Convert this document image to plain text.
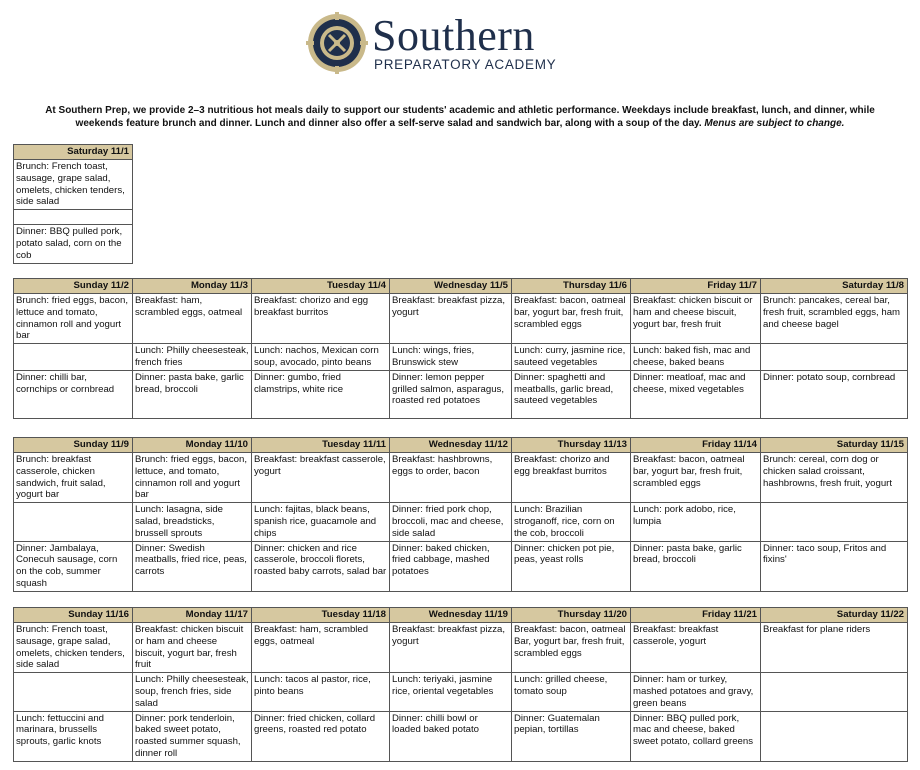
Southern
PREPARATORY ACADEMY
At Southern Prep, we provide 2–3 nutritious hot meals daily to support our students' academic and athletic performance. Weekdays include breakfast, lunch, and dinner, while weekends feature brunch and dinner. Lunch and dinner also offer a self-serve salad and sandwich bar, along with a soup of the day. Menus are subject to change.
Saturday 11/1
Brunch: French toast, sausage, grape salad, omelets, chicken tenders, side salad

Dinner: BBQ pulled pork, potato salad, corn on the cob
Sunday 11/2	Monday 11/3	Tuesday 11/4	Wednesday 11/5	Thursday 11/6	Friday 11/7	Saturday 11/8
Brunch: fried eggs, bacon, lettuce and tomato, cinnamon roll and yogurt bar	Breakfast: ham, scrambled eggs, oatmeal	Breakfast: chorizo and egg breakfast burritos	Breakfast: breakfast pizza, yogurt	Breakfast: bacon, oatmeal bar, yogurt bar, fresh fruit, scrambled eggs	Breakfast: chicken biscuit or ham and cheese biscuit, yogurt bar, fresh fruit	Brunch: pancakes, cereal bar, fresh fruit, scrambled eggs, ham and cheese bagel
	Lunch: Philly cheesesteak, french fries	Lunch: nachos, Mexican corn soup, avocado, pinto beans	Lunch: wings, fries, Brunswick stew	Lunch: curry, jasmine rice, sauteed vegetables	Lunch: baked fish, mac and cheese, baked beans	
Dinner: chilli bar, cornchips or cornbread	Dinner: pasta bake, garlic bread, broccoli	Dinner: gumbo, fried clamstrips, white rice	Dinner: lemon pepper grilled salmon, asparagus, roasted red potatoes	Dinner: spaghetti and meatballs, garlic bread, sauteed vegetables	Dinner: meatloaf, mac and cheese, mixed vegetables	Dinner: potato soup, cornbread
Sunday 11/9	Monday 11/10	Tuesday 11/11	Wednesday 11/12	Thursday 11/13	Friday 11/14	Saturday 11/15
Brunch: breakfast casserole, chicken sandwich, fruit salad, yogurt bar	Brunch: fried eggs, bacon, lettuce, and tomato, cinnamon roll and yogurt bar	Breakfast: breakfast casserole, yogurt	Breakfast: hashbrowns, eggs to order, bacon	Breakfast: chorizo and egg breakfast burritos	Breakfast: bacon, oatmeal bar, yogurt bar, fresh fruit, scrambled eggs	Brunch: cereal, corn dog or chicken salad croissant, hashbrowns, fresh fruit, yogurt
	Lunch: lasagna, side salad, breadsticks, brussell sprouts	Lunch: fajitas, black beans, spanish rice, guacamole and chips	Dinner: fried pork chop, broccoli, mac and cheese, side salad	Lunch: Brazilian stroganoff, rice, corn on the cob, broccoli	Lunch: pork adobo, rice, lumpia	
Dinner: Jambalaya, Conecuh sausage, corn on the cob, summer squash	Dinner: Swedish meatballs, fried rice, peas, carrots	Dinner: chicken and rice casserole, broccoli florets, roasted baby carrots, salad bar	Dinner: baked chicken, fried cabbage, mashed potatoes	Dinner: chicken pot pie, peas, yeast rolls	Dinner: pasta bake, garlic bread, broccoli	Dinner: taco soup, Fritos and fixins'
Sunday 11/16	Monday 11/17	Tuesday 11/18	Wednesday 11/19	Thursday 11/20	Friday 11/21	Saturday 11/22
Brunch: French toast, sausage, grape salad, omelets, chicken tenders, side salad	Breakfast: chicken biscuit or ham and cheese biscuit, yogurt bar, fresh fruit	Breakfast: ham, scrambled eggs, oatmeal	Breakfast: breakfast pizza, yogurt	Breakfast: bacon, oatmeal Bar, yogurt bar, fresh fruit, scrambled eggs	Breakfast: breakfast casserole, yogurt	Breakfast for plane riders
	Lunch: Philly cheesesteak, soup, french fries, side salad	Lunch: tacos al pastor, rice, pinto beans	Lunch: teriyaki, jasmine rice, oriental vegetables	Lunch: grilled cheese, tomato soup	Dinner: ham or turkey, mashed potatoes and gravy, green beans	
Lunch: fettuccini and marinara, brussells sprouts, garlic knots	Dinner: pork tenderloin, baked sweet potato, roasted summer squash, dinner roll	Dinner: fried chicken, collard greens, roasted red potato	Dinner: chilli bowl or loaded baked potato	Dinner: Guatemalan pepian, tortillas	Dinner: BBQ pulled pork, mac and cheese, baked sweet potato, collard greens	
